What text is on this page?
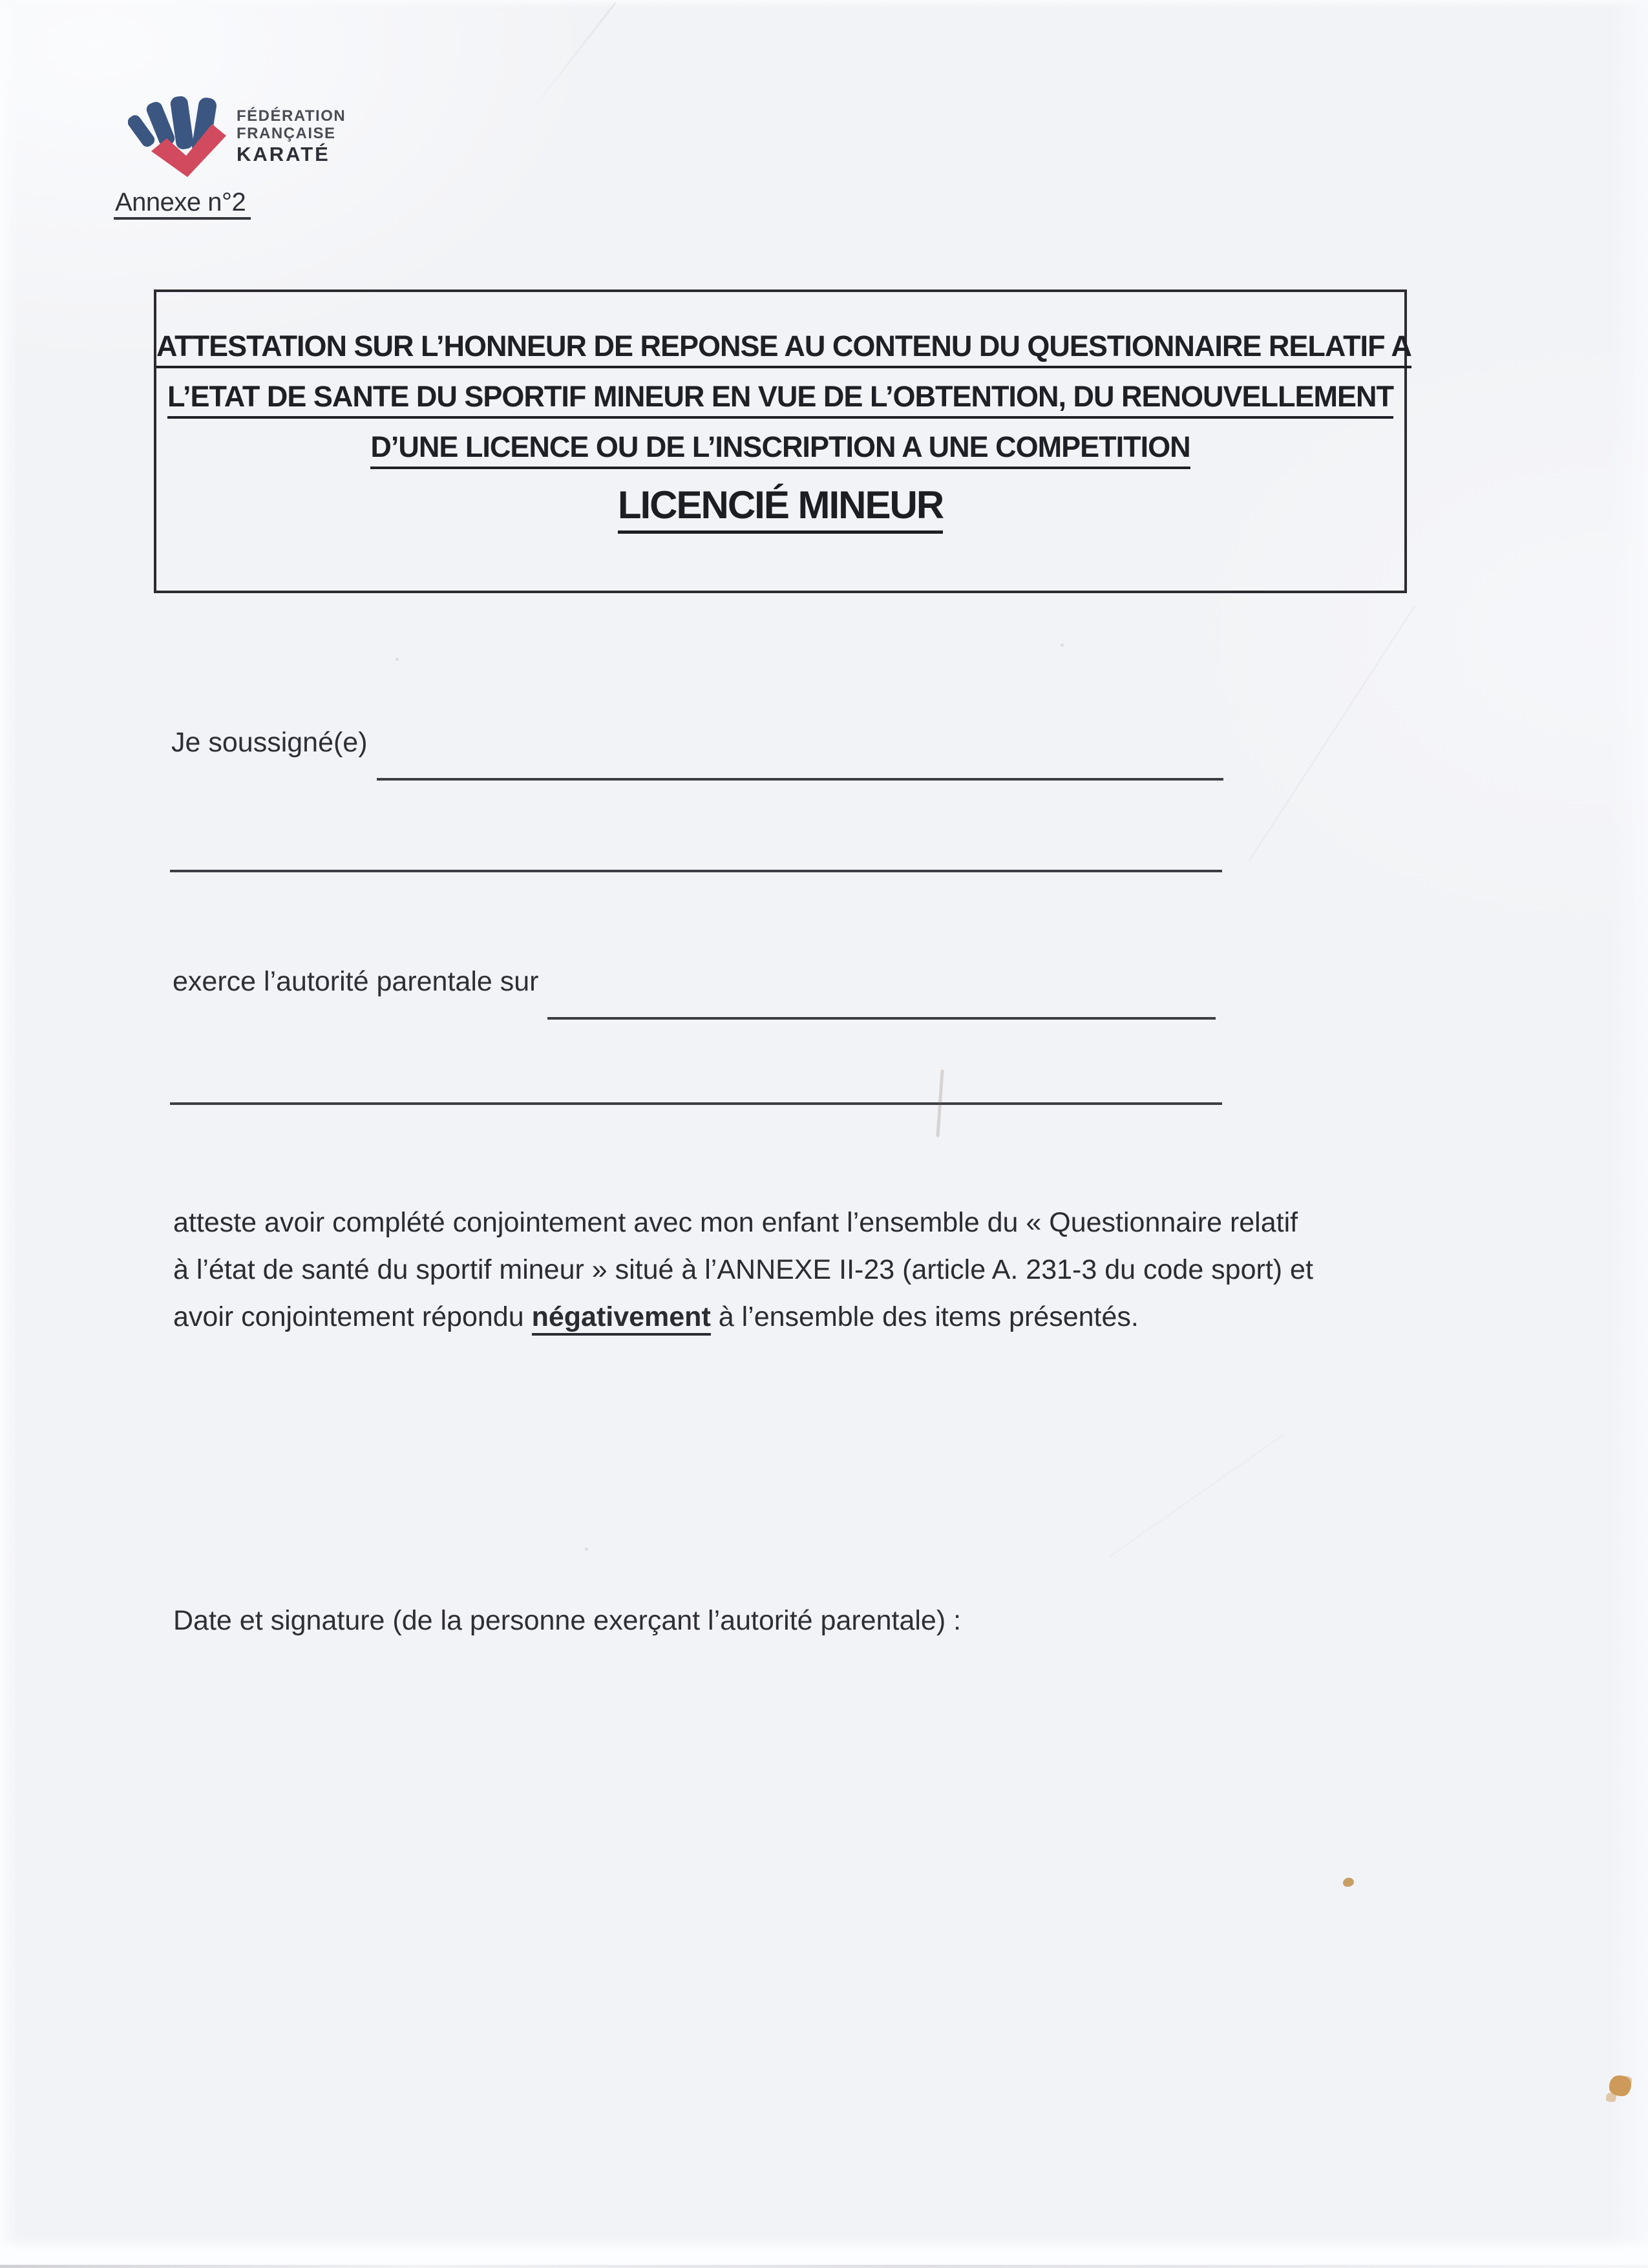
FÉDÉRATION
FRANÇAISE
KARATÉ
Annexe n°2
ATTESTATION SUR L’HONNEUR DE REPONSE AU CONTENU DU QUESTIONNAIRE RELATIF A
L’ETAT DE SANTE DU SPORTIF MINEUR EN VUE DE L’OBTENTION, DU RENOUVELLEMENT
D’UNE LICENCE OU DE L’INSCRIPTION A UNE COMPETITION
LICENCIÉ MINEUR
Je soussigné(e)
exerce l’autorité parentale sur
atteste avoir complété conjointement avec mon enfant l’ensemble du « Questionnaire relatif
à l’état de santé du sportif mineur » situé à l’ANNEXE II-23 (article A. 231-3 du code sport) et
avoir conjointement répondu négativement à l’ensemble des items présentés.
Date et signature (de la personne exerçant l’autorité parentale) :
